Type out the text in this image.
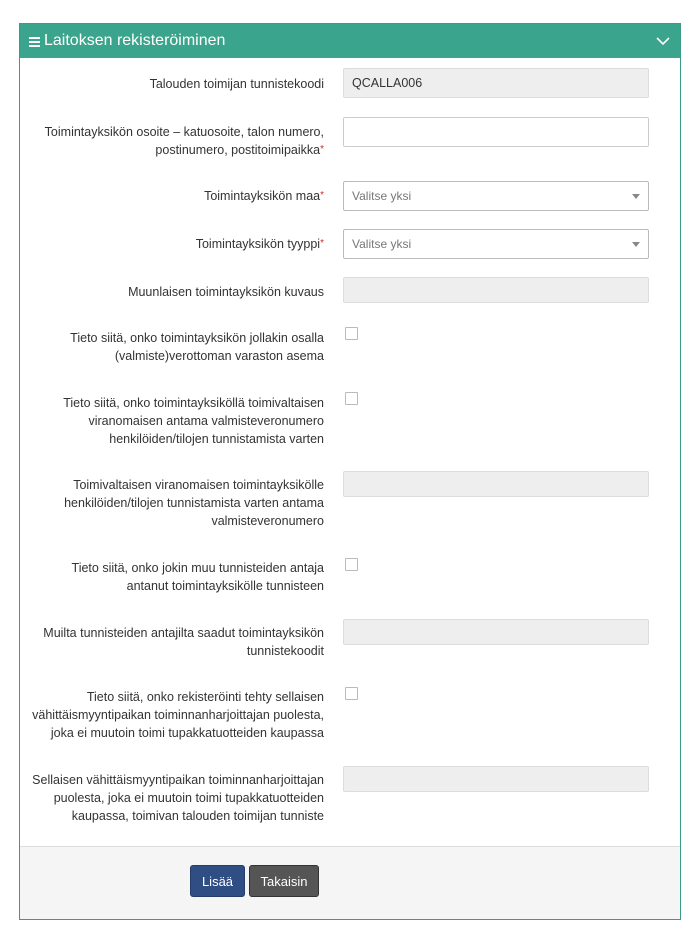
Laitoksen rekisteröiminen
Talouden toimijan tunnistekoodi QCALLA006
Toimintayksikön osoite – katuosoite, talon numero,
postinumero, postitoimipaikka*
Toimintayksikön maa* Valitse yksi
Toimintayksikön tyyppi* Valitse yksi
Muunlaisen toimintayksikön kuvaus
Tieto siitä, onko toimintayksikön jollakin osalla
(valmiste)verottoman varaston asema
Tieto siitä, onko toimintayksiköllä toimivaltaisen
viranomaisen antama valmisteveronumero
henkilöiden/tilojen tunnistamista varten
Toimivaltaisen viranomaisen toimintayksikölle
henkilöiden/tilojen tunnistamista varten antama
valmisteveronumero
Tieto siitä, onko jokin muu tunnisteiden antaja
antanut toimintayksikölle tunnisteen
Muilta tunnisteiden antajilta saadut toimintayksikön
tunnistekoodit
Tieto siitä, onko rekisteröinti tehty sellaisen
vähittäismyyntipaikan toiminnanharjoittajan puolesta,
joka ei muutoin toimi tupakkatuotteiden kaupassa
Sellaisen vähittäismyyntipaikan toiminnanharjoittajan
puolesta, joka ei muutoin toimi tupakkatuotteiden
kaupassa, toimivan talouden toimijan tunniste
Lisää	Takaisin
